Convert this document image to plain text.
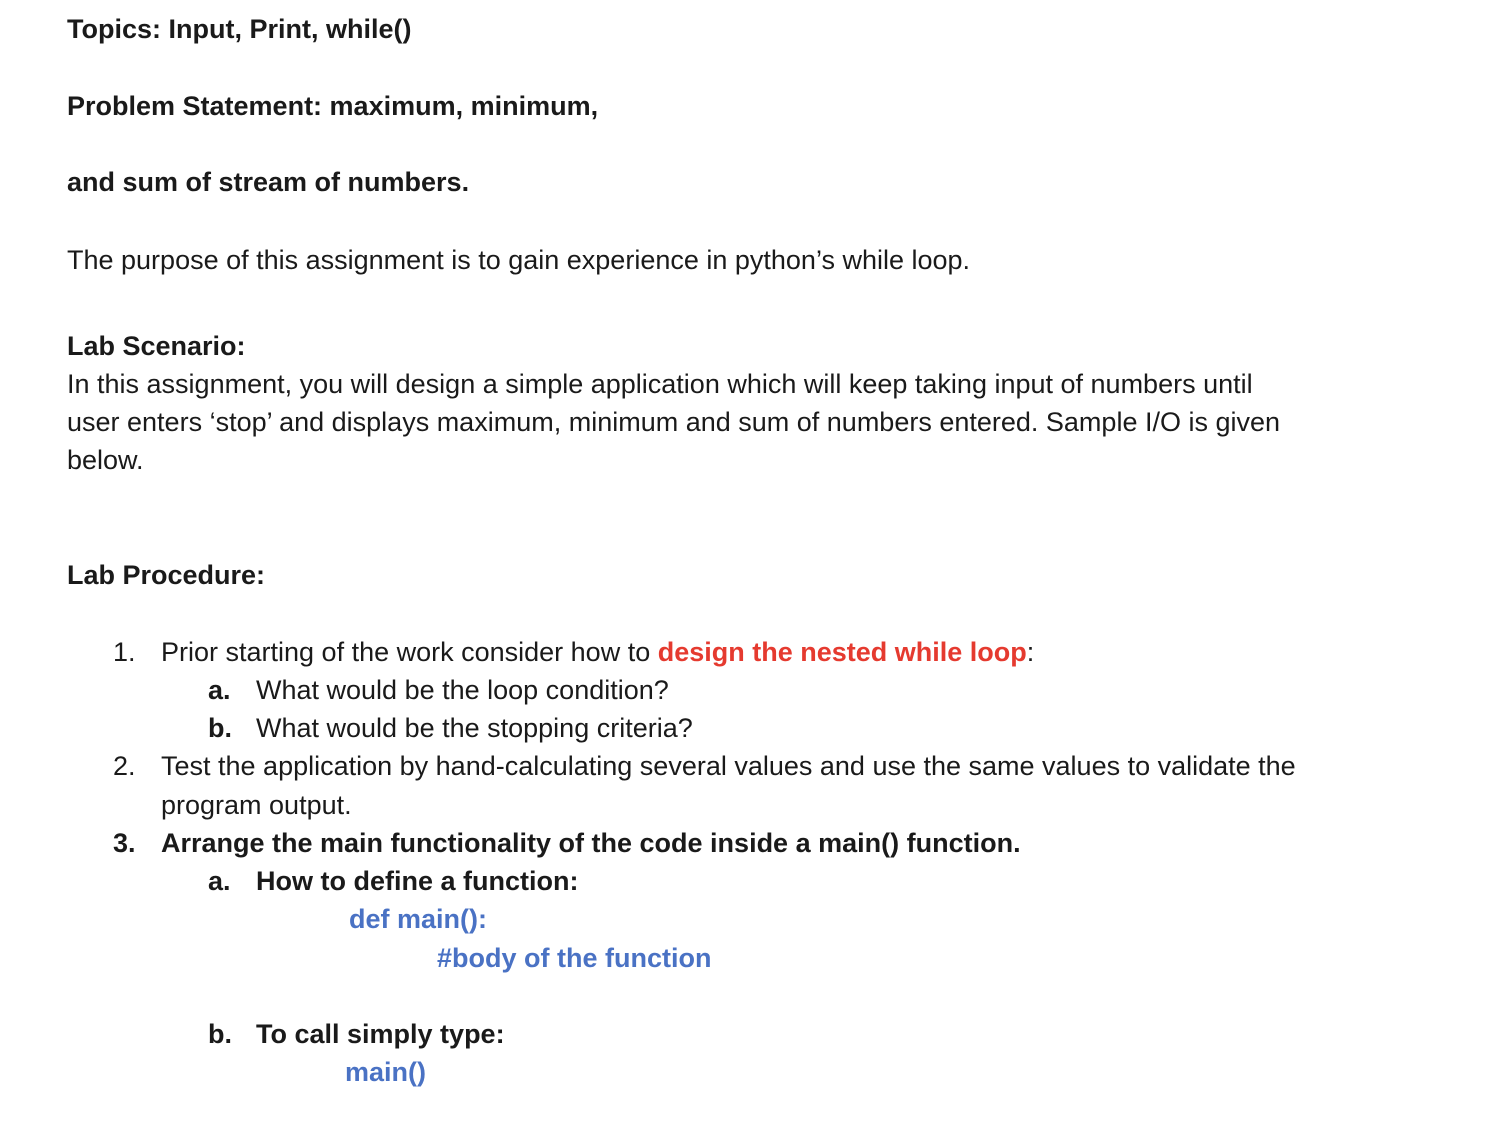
Topics: Input, Print, while()
Problem Statement: maximum, minimum,
and sum of stream of numbers.
The purpose of this assignment is to gain experience in python’s while loop.
Lab Scenario:
In this assignment, you will design a simple application which will keep taking input of numbers until
user enters ‘stop’ and displays maximum, minimum and sum of numbers entered. Sample I/O is given
below.
Lab Procedure:
1. Prior starting of the work consider how to design the nested while loop:
a. What would be the loop condition?
b. What would be the stopping criteria?
2. Test the application by hand-calculating several values and use the same values to validate the
program output.
3. Arrange the main functionality of the code inside a main() function.
a. How to define a function:
def main():
#body of the function
b. To call simply type:
main()
